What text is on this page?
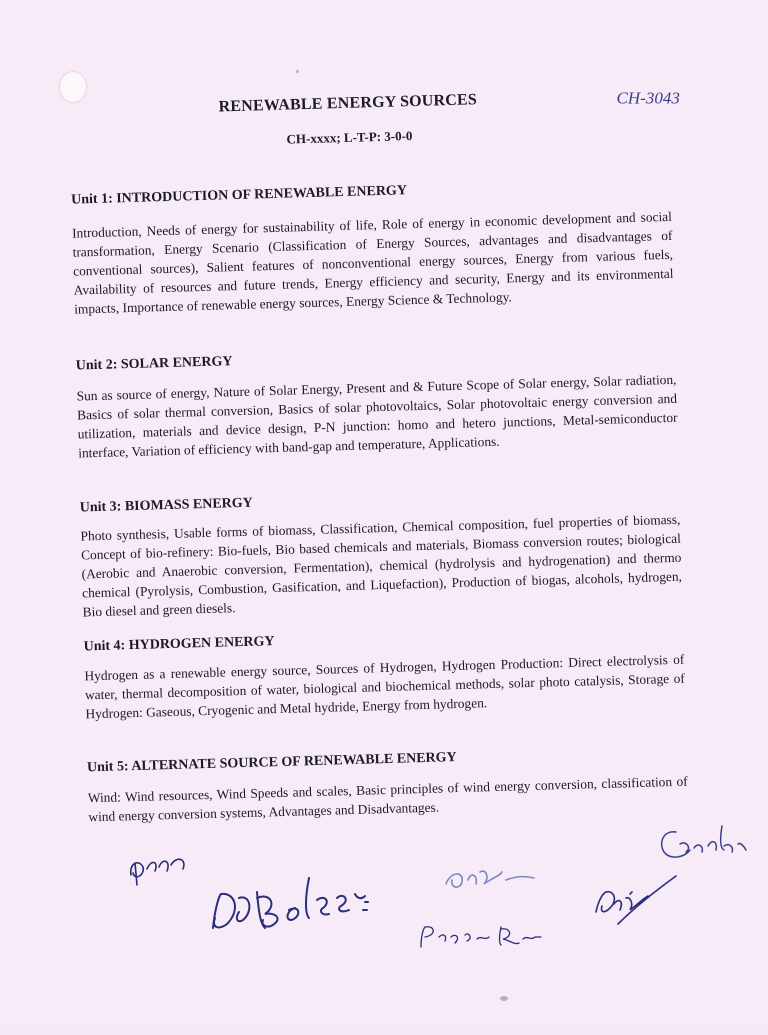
RENEWABLE ENERGY SOURCES
CH-xxxx; L-T-P: 3-0-0
CH-3043
Unit 1: INTRODUCTION OF RENEWABLE ENERGY
Introduction, Needs of energy for sustainability of life, Role of energy in economic development and social transformation, Energy Scenario (Classification of Energy Sources, advantages and disadvantages of conventional sources), Salient features of nonconventional energy sources, Energy from various fuels, Availability of resources and future trends, Energy efficiency and security, Energy and its environmental impacts, Importance of renewable energy sources, Energy Science & Technology.
Unit 2: SOLAR ENERGY
Sun as source of energy, Nature of Solar Energy, Present and & Future Scope of Solar energy, Solar radiation, Basics of solar thermal conversion, Basics of solar photovoltaics, Solar photovoltaic energy conversion and utilization, materials and device design, P-N junction: homo and hetero junctions, Metal-semiconductor interface, Variation of efficiency with band-gap and temperature, Applications.
Unit 3: BIOMASS ENERGY
Photo synthesis, Usable forms of biomass, Classification, Chemical composition, fuel properties of biomass, Concept of bio-refinery: Bio-fuels, Bio based chemicals and materials, Biomass conversion routes; biological (Aerobic and Anaerobic conversion, Fermentation), chemical (hydrolysis and hydrogenation) and thermo chemical (Pyrolysis, Combustion, Gasification, and Liquefaction), Production of biogas, alcohols, hydrogen, Bio diesel and green diesels.
Unit 4: HYDROGEN ENERGY
Hydrogen as a renewable energy source, Sources of Hydrogen, Hydrogen Production: Direct electrolysis of water, thermal decomposition of water, biological and biochemical methods, solar photo catalysis, Storage of Hydrogen: Gaseous, Cryogenic and Metal hydride, Energy from hydrogen.
Unit 5: ALTERNATE SOURCE OF RENEWABLE ENERGY
Wind: Wind resources, Wind Speeds and scales, Basic principles of wind energy conversion, classification of wind energy conversion systems, Advantages and Disadvantages.
